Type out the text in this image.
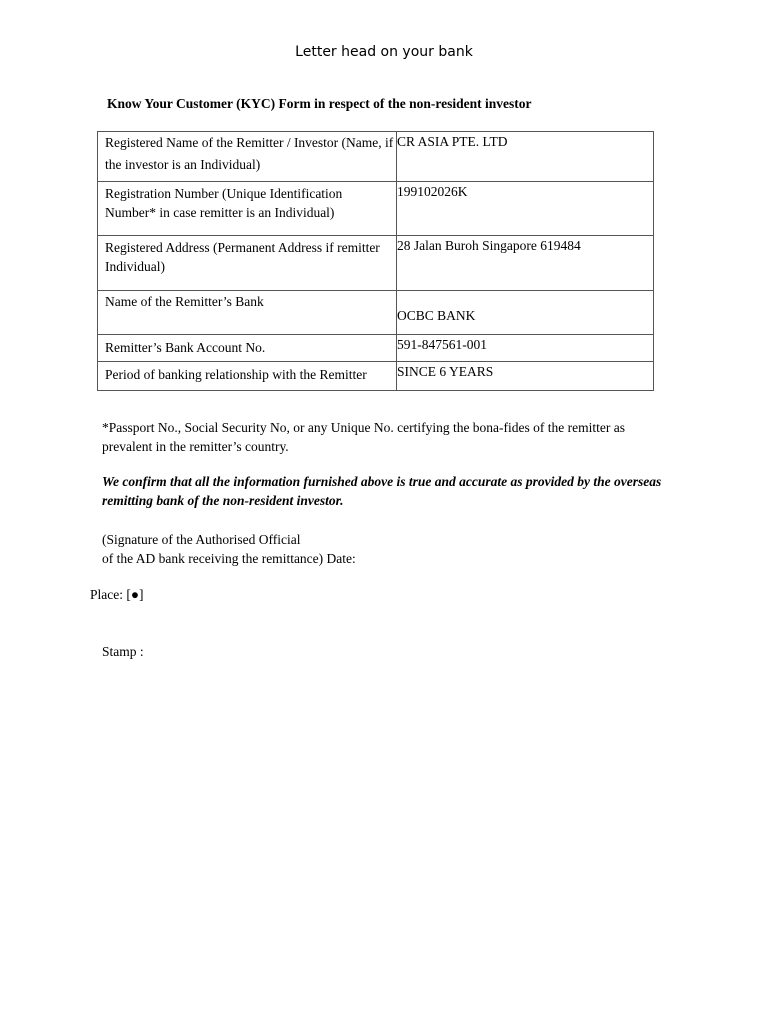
Letter head on your bank
Know Your Customer (KYC) Form in respect of the non-resident investor
Registered Name of the Remitter / Investor (Name, if the investor is an Individual)	CR ASIA PTE. LTD
Registration Number (Unique Identification Number* in case remitter is an Individual)	199102026K
Registered Address (Permanent Address if remitter Individual)	28 Jalan Buroh Singapore 619484
Name of the Remitter’s Bank	OCBC BANK
Remitter’s Bank Account No.	591-847561-001
Period of banking relationship with the Remitter	SINCE 6 YEARS
*Passport No., Social Security No, or any Unique No. certifying the bona-fides of the remitter as prevalent in the remitter’s country.
We confirm that all the information furnished above is true and accurate as provided by the overseas remitting bank of the non-resident investor.
(Signature of the Authorised Official
of the AD bank receiving the remittance) Date:
Place: [●]
Stamp :
